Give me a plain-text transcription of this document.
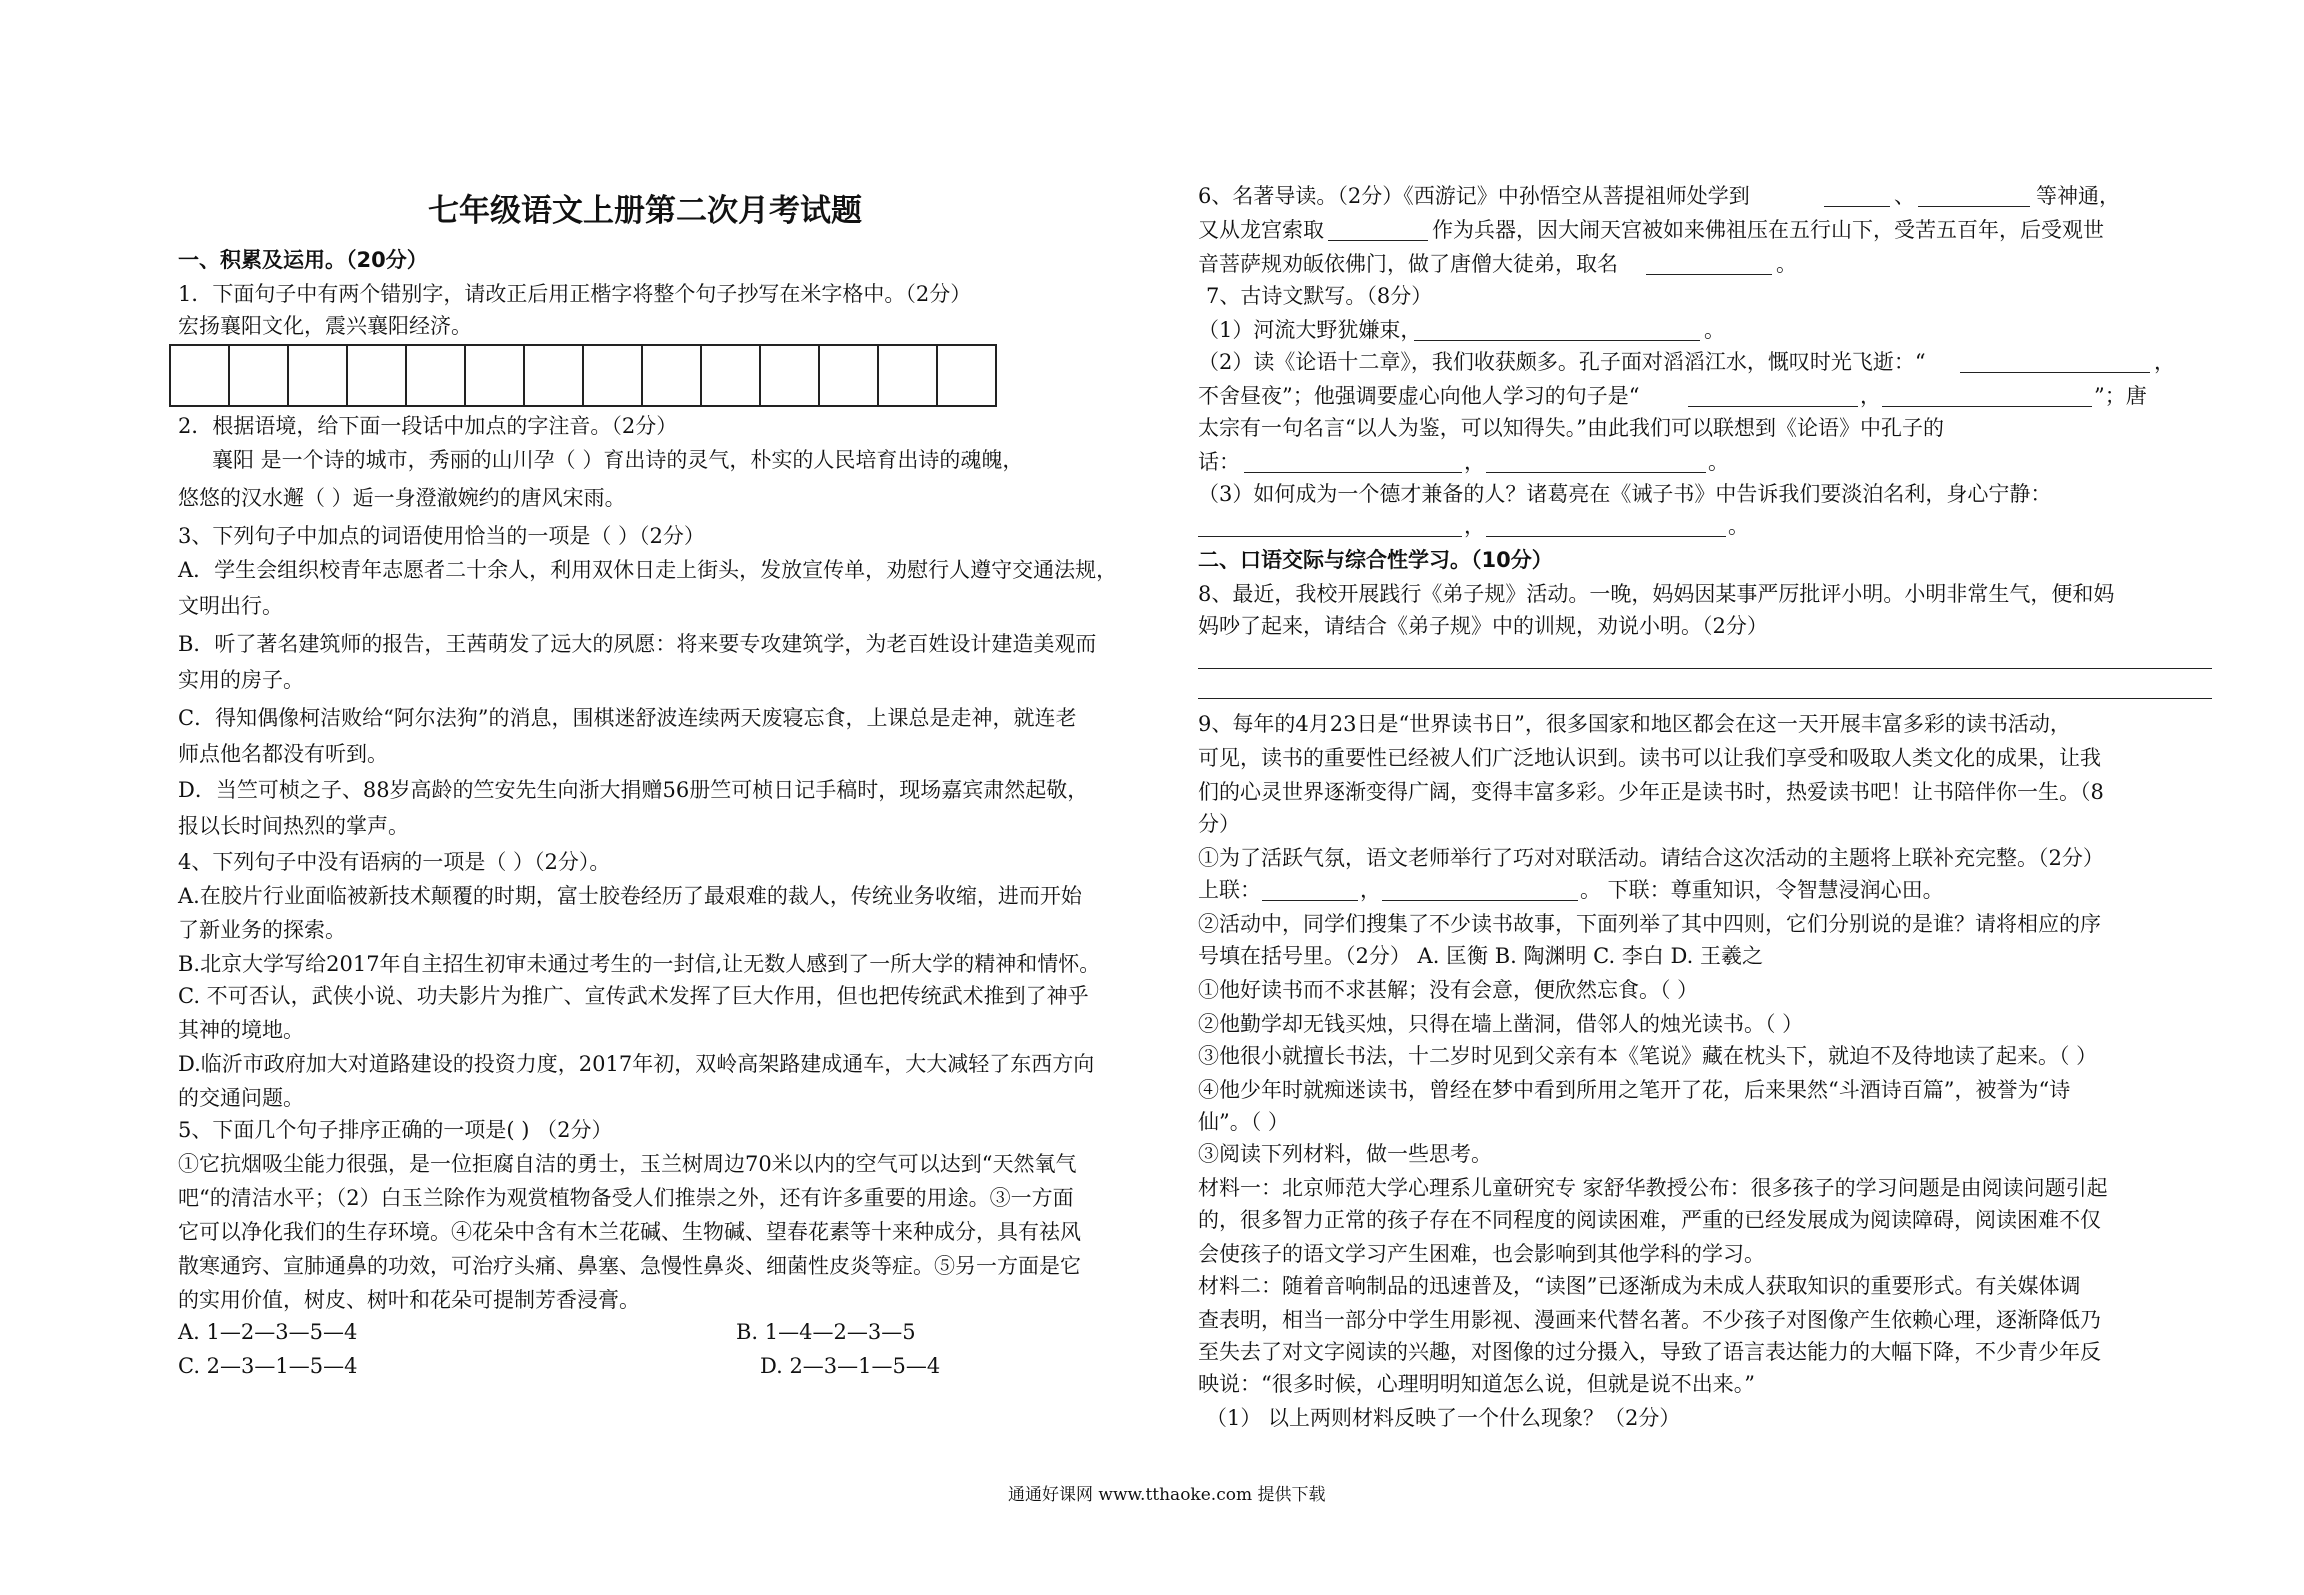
七年级语文上册第二次月考试题
一、积累及运用。（20分）
1．下面句子中有两个错别字，请改正后用正楷字将整个句子抄写在米字格中。（2分）
宏扬襄阳文化，震兴襄阳经济。
2．根据语境，给下面一段话中加点的字注音。（2分）
襄阳 是一个诗的城市，秀丽的山川孕（ ）育出诗的灵气，朴实的人民培育出诗的魂魄，
悠悠的汉水邂（ ）逅一身澄澈婉约的唐风宋雨。
3、下列句子中加点的词语使用恰当的一项是（ ）（2分）
A．学生会组织校青年志愿者二十余人，利用双休日走上街头，发放宣传单，劝慰行人遵守交通法规，
文明出行。
B．听了著名建筑师的报告，王茜萌发了远大的夙愿：将来要专攻建筑学，为老百姓设计建造美观而
实用的房子。
C．得知偶像柯洁败给“阿尔法狗”的消息，围棋迷舒波连续两天废寝忘食，上课总是走神，就连老
师点他名都没有听到。
D．当竺可桢之子、88岁高龄的竺安先生向浙大捐赠56册竺可桢日记手稿时，现场嘉宾肃然起敬，
报以长时间热烈的掌声。
4、下列句子中没有语病的一项是（ ）（2分）。
A.在胶片行业面临被新技术颠覆的时期，富士胶卷经历了最艰难的裁人，传统业务收缩，进而开始
了新业务的探索。
B.北京大学写给2017年自主招生初审未通过考生的一封信,让无数人感到了一所大学的精神和情怀。
C. 不可否认，武侠小说、功夫影片为推广、宣传武术发挥了巨大作用，但也把传统武术推到了神乎
其神的境地。
D.临沂市政府加大对道路建设的投资力度，2017年初，双岭高架路建成通车，大大减轻了东西方向
的交通问题。
5、下面几个句子排序正确的一项是( ) （2分）
①它抗烟吸尘能力很强，是一位拒腐自洁的勇士，玉兰树周边70米以内的空气可以达到“天然氧气
吧“的清洁水平；（2）白玉兰除作为观赏植物备受人们推崇之外，还有许多重要的用途。③一方面
它可以净化我们的生存环境。④花朵中含有木兰花碱、生物碱、望春花素等十来种成分，具有祛风
散寒通窍、宣肺通鼻的功效，可治疗头痛、鼻塞、急慢性鼻炎、细菌性皮炎等症。⑤另一方面是它
的实用价值，树皮、树叶和花朵可提制芳香浸膏。
A. 1—2—3—5—4	B. 1—4—2—3—5
C. 2—3—1—5—4	D. 2—3—1—5—4
6、名著导读。（2分）《西游记》中孙悟空从菩提祖师处学到	、	等神通，
又从龙宫索取	作为兵器，因大闹天宫被如来佛祖压在五行山下，受苦五百年，后受观世
音菩萨规劝皈依佛门，做了唐僧大徒弟，取名	。
7、古诗文默写。（8分）
（1）河流大野犹嫌束，	。
（2）读《论语十二章》，我们收获颇多。孔子面对滔滔江水，慨叹时光飞逝：“	，
不舍昼夜”；他强调要虚心向他人学习的句子是“	，	”；唐
太宗有一句名言“以人为鉴，可以知得失。”由此我们可以联想到《论语》中孔子的
话：	，	。
（3）如何成为一个德才兼备的人？诸葛亮在《诫子书》中告诉我们要淡泊名利，身心宁静：
，	。
二、口语交际与综合性学习。（10分）
8、最近，我校开展践行《弟子规》活动。一晚，妈妈因某事严厉批评小明。小明非常生气，便和妈
妈吵了起来，请结合《弟子规》中的训规，劝说小明。（2分）
9、每年的4月23日是“世界读书日”，很多国家和地区都会在这一天开展丰富多彩的读书活动，
可见，读书的重要性已经被人们广泛地认识到。读书可以让我们享受和吸取人类文化的成果，让我
们的心灵世界逐渐变得广阔，变得丰富多彩。少年正是读书时，热爱读书吧！让书陪伴你一生。（8
分）
①为了活跃气氛，语文老师举行了巧对对联活动。请结合这次活动的主题将上联补充完整。（2分）
上联：	，	。 下联：尊重知识，令智慧浸润心田。
②活动中，同学们搜集了不少读书故事，下面列举了其中四则，它们分别说的是谁？请将相应的序
号填在括号里。（2分） A. 匡衡 B. 陶渊明 C. 李白 D. 王羲之
①他好读书而不求甚解；没有会意，便欣然忘食。（ ）
②他勤学却无钱买烛，只得在墙上凿洞，借邻人的烛光读书。（ ）
③他很小就擅长书法，十二岁时见到父亲有本《笔说》藏在枕头下，就迫不及待地读了起来。（ ）
④他少年时就痴迷读书，曾经在梦中看到所用之笔开了花，后来果然“斗酒诗百篇”，被誉为“诗
仙”。（ ）
③阅读下列材料，做一些思考。
材料一：北京师范大学心理系儿童研究专 家舒华教授公布：很多孩子的学习问题是由阅读问题引起
的，很多智力正常的孩子存在不同程度的阅读困难，严重的已经发展成为阅读障碍，阅读困难不仅
会使孩子的语文学习产生困难，也会影响到其他学科的学习。
材料二：随着音响制品的迅速普及，“读图”已逐渐成为未成人获取知识的重要形式。有关媒体调
查表明，相当一部分中学生用影视、漫画来代替名著。不少孩子对图像产生依赖心理，逐渐降低乃
至失去了对文字阅读的兴趣，对图像的过分摄入，导致了语言表达能力的大幅下降，不少青少年反
映说：“很多时候，心理明明知道怎么说，但就是说不出来。”
（1） 以上两则材料反映了一个什么现象？（2分）
通通好课网 www.tthaoke.com 提供下载
